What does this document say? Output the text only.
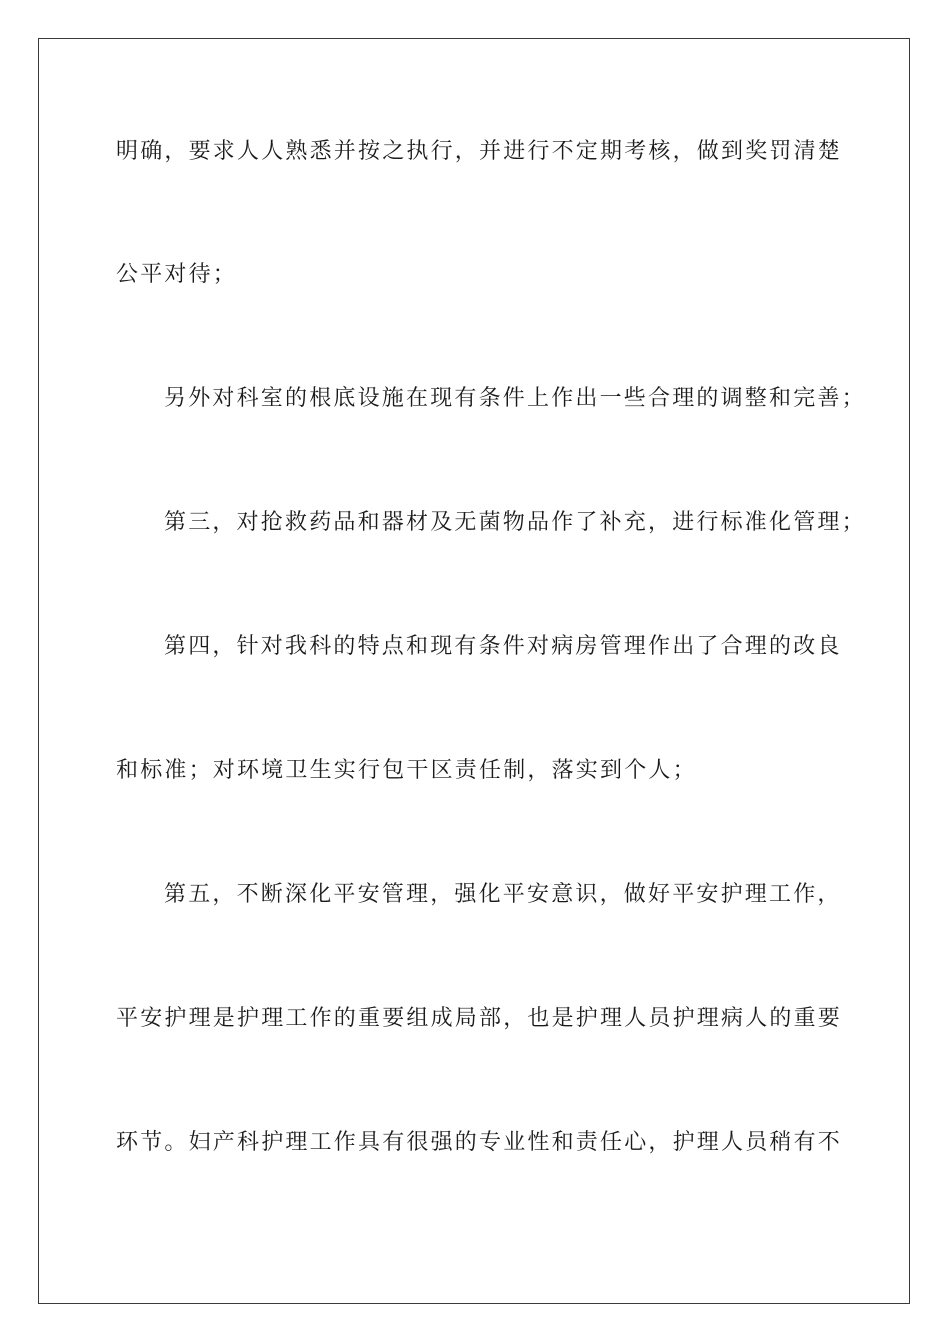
明确，要求人人熟悉并按之执行，并进行不定期考核，做到奖罚清楚
公平对待；
另外对科室的根底设施在现有条件上作出一些合理的调整和完善；
第三，对抢救药品和器材及无菌物品作了补充，进行标准化管理；
第四，针对我科的特点和现有条件对病房管理作出了合理的改良
和标准；对环境卫生实行包干区责任制，落实到个人；
第五，不断深化平安管理，强化平安意识，做好平安护理工作，
平安护理是护理工作的重要组成局部，也是护理人员护理病人的重要
环节。妇产科护理工作具有很强的专业性和责任心，护理人员稍有不
